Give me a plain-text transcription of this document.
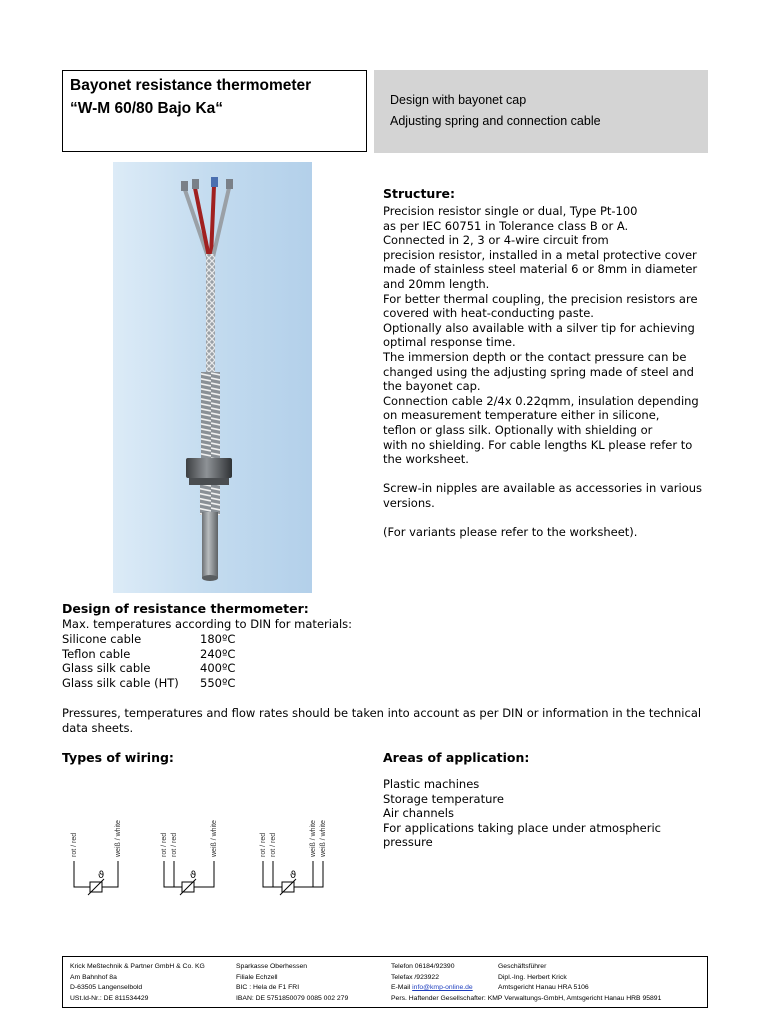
Bayonet resistance thermometer
“W-M 60/80 Bajo Ka“	Design with bayonet cap
Adjusting spring and connection cable
Structure:
Precision resistor single or dual, Type Pt-100
as per IEC 60751 in Tolerance class B or A.
Connected in 2, 3 or 4-wire circuit from
precision resistor, installed in a metal protective cover
made of stainless steel material 6 or 8mm in diameter
and 20mm length.
For better thermal coupling, the precision resistors are
covered with heat-conducting paste.
Optionally also available with a silver tip for achieving
optimal response time.
The immersion depth or the contact pressure can be
changed using the adjusting spring made of steel and
the bayonet cap.
Connection cable 2/4x 0.22qmm, insulation depending
on measurement temperature either in silicone,
teflon or glass silk. Optionally with shielding or
with no shielding. For cable lengths KL please refer to
the worksheet.
Screw-in nipples are available as accessories in various
versions.
(For variants please refer to the worksheet).
Design of resistance thermometer:
Max. temperatures according to DIN for materials:
Silicone cable	180ºC
Teflon cable	240ºC
Glass silk cable	400ºC
Glass silk cable (HT)	550ºC
Pressures, temperatures and flow rates should be taken into account as per DIN or information in the technical
data sheets.
Types of wiring:
rot / red	weiß / white
ϑ
rot / red rot / red	weiß / white
ϑ
rot / red rot / red	weiß / white weiß / white
ϑ
Areas of application:
Plastic machines
Storage temperature
Air channels
For applications taking place under atmospheric
pressure
Krick Meßtechnik & Partner GmbH & Co. KG
Am Bahnhof 8a
D-63505 Langenselbold
USt.Id-Nr.: DE 811534429
Sparkasse Oberhessen
Filiale Echzell
BIC : Hela de F1 FRI
IBAN: DE 5751850079 0085 002 279
Telefon 06184/92390
Telefax /923922
E-Mail info@kmp-online.de
Pers. Haftender Gesellschafter: KMP Verwaltungs-GmbH, Amtsgericht Hanau HRB 95891
Geschäftsführer
Dipl.-Ing. Herbert Krick
Amtsgericht Hanau HRA 5106
